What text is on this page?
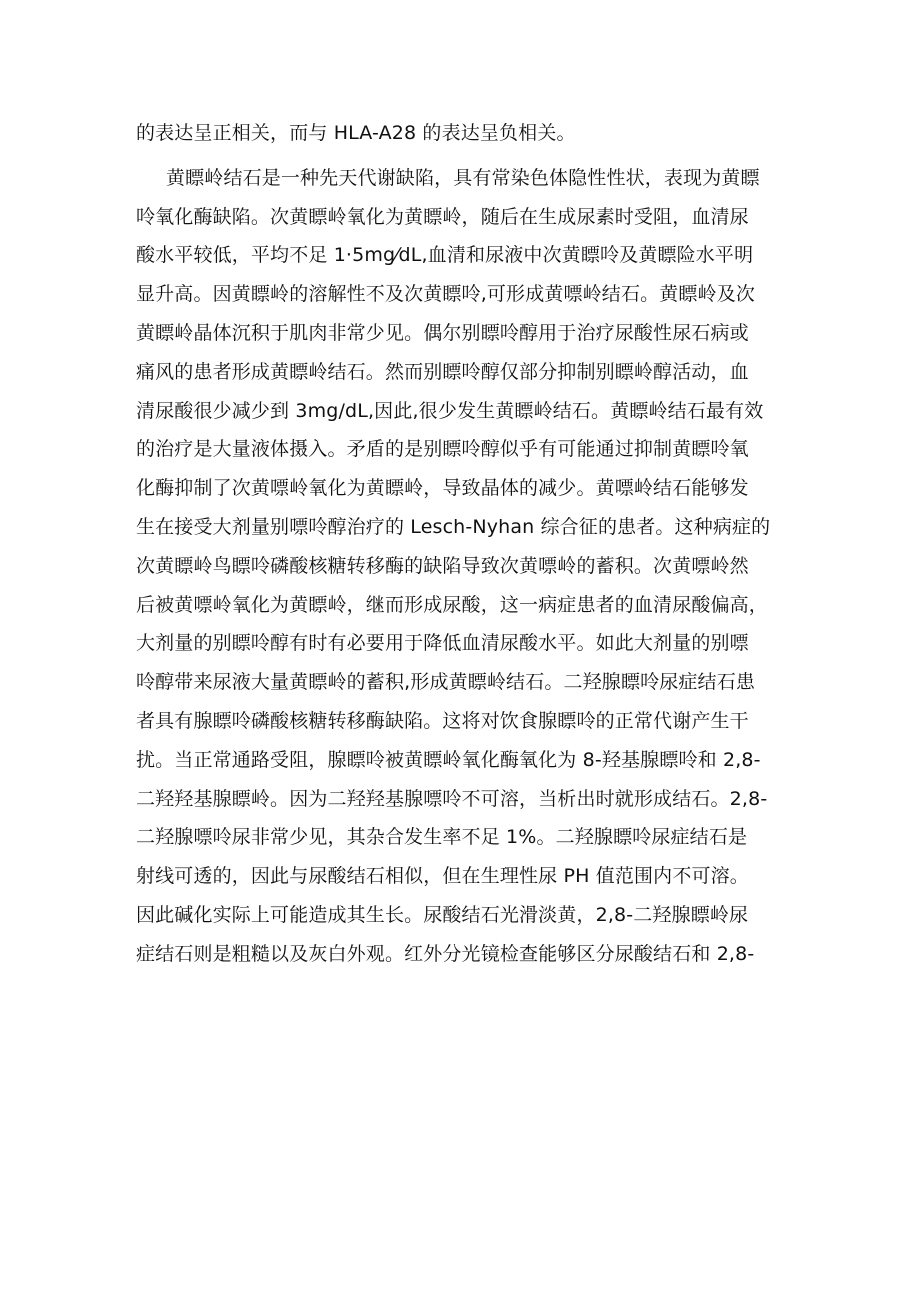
的表达呈正相关，而与 HLA-A28 的表达呈负相关。
黄瞟岭结石是一种先天代谢缺陷，具有常染色体隐性性状，表现为黄瞟
呤氧化酶缺陷。次黄瞟岭氧化为黄瞟岭，随后在生成尿素时受阻，血清尿
酸水平较低，平均不足 1·5mg⁄dL,血清和尿液中次黄瞟呤及黄瞟险水平明
显升高。因黄瞟岭的溶解性不及次黄瞟呤,可形成黄嘌岭结石。黄瞟岭及次
黄瞟岭晶体沉积于肌肉非常少见。偶尔别瞟呤醇用于治疗尿酸性尿石病或
痛风的患者形成黄瞟岭结石。然而别瞟呤醇仅部分抑制别瞟岭醇活动，血
清尿酸很少减少到 3mg/dL,因此,很少发生黄瞟岭结石。黄瞟岭结石最有效
的治疗是大量液体摄入。矛盾的是别瞟呤醇似乎有可能通过抑制黄瞟呤氧
化酶抑制了次黄嘌岭氧化为黄瞟岭，导致晶体的减少。黄嘌岭结石能够发
生在接受大剂量别嘌呤醇治疗的 Lesch-Nyhan 综合征的患者。这种病症的
次黄瞟岭鸟瞟呤磷酸核糖转移酶的缺陷导致次黄嘌岭的蓄积。次黄嘌岭然
后被黄嘌岭氧化为黄瞟岭，继而形成尿酸，这一病症患者的血清尿酸偏高，
大剂量的别瞟呤醇有时有必要用于降低血清尿酸水平。如此大剂量的别嘌
呤醇带来尿液大量黄瞟岭的蓄积,形成黄瞟岭结石。二羟腺瞟呤尿症结石患
者具有腺瞟呤磷酸核糖转移酶缺陷。这将对饮食腺瞟呤的正常代谢产生干
扰。当正常通路受阻，腺瞟呤被黄瞟岭氧化酶氧化为 8-羟基腺瞟呤和 2,8-
二羟羟基腺瞟岭。因为二羟羟基腺嘌呤不可溶，当析出时就形成结石。2,8-
二羟腺嘌呤尿非常少见，其杂合发生率不足 1%。二羟腺瞟呤尿症结石是
射线可透的，因此与尿酸结石相似，但在生理性尿 PH 值范围内不可溶。
因此碱化实际上可能造成其生长。尿酸结石光滑淡黄，2,8-二羟腺瞟岭尿
症结石则是粗糙以及灰白外观。红外分光镜检查能够区分尿酸结石和 2,8-
